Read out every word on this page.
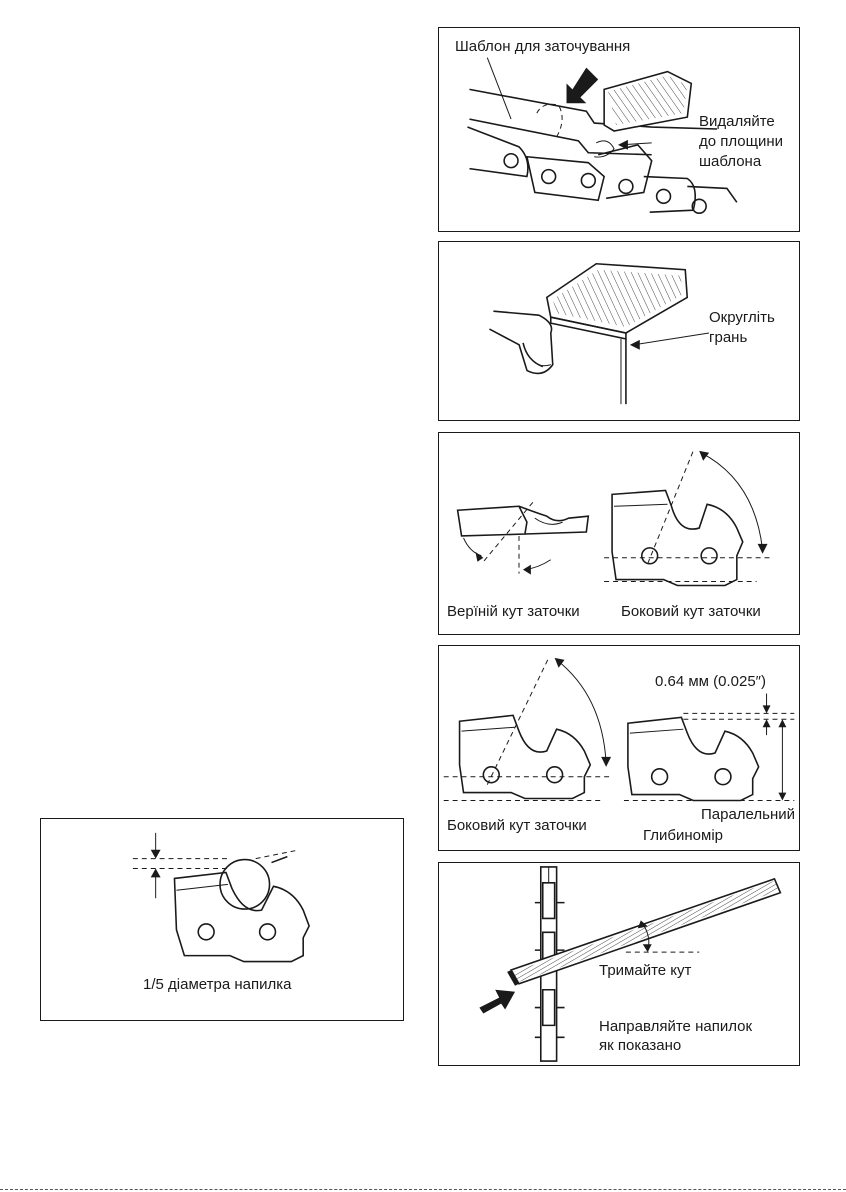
Шаблон для заточування
Видаляйте
до площини
шаблона
Округліть
грань
Верїній кут заточки	Боковий кут заточки
Боковий кут заточки
0.64 мм (0.025″)
Паралельний
Глибиномір
1/5 діаметра напилка
Тримайте кут
Направляйте напилок
як показано
